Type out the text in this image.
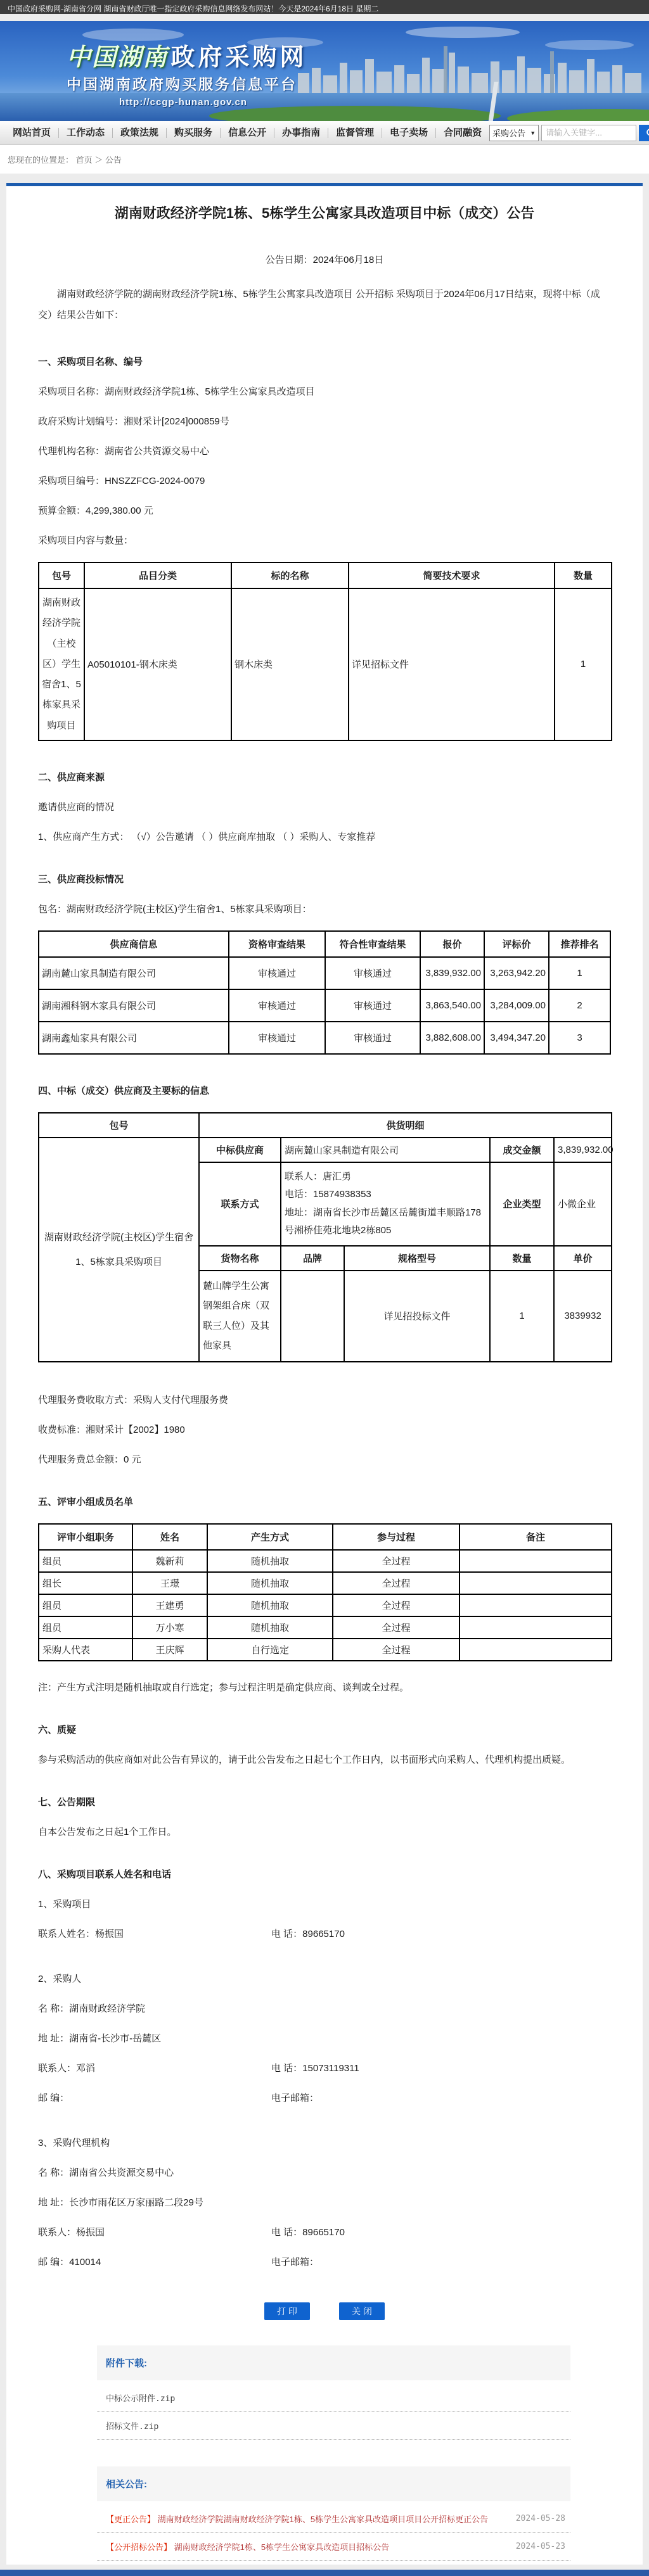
中国政府采购网-湖南省分网 湖南省财政厅唯一指定政府采购信息网络发布网站！今天是2024年6月18日 星期二
中国湖南 政府采购网
中国湖南政府购买服务信息平台
http://ccgp-hunan.gov.cn
网站首页	工作动态	政策法规	购买服务	信息公开	办事指南	监督管理	电子卖场	合同融资	采购公告 ▼
请输入关键字...
您现在的位置是： 首页 ＞ 公告
湖南财政经济学院1栋、5栋学生公寓家具改造项目中标（成交）公告

公告日期：2024年06月18日

湖南财政经济学院的湖南财政经济学院1栋、5栋学生公寓家具改造项目 公开招标 采购项目于2024年06月17日结束，现将中标（成交）结果公告如下：

一、采购项目名称、编号

采购项目名称：湖南财政经济学院1栋、5栋学生公寓家具改造项目

政府采购计划编号：湘财采计[2024]000859号

代理机构名称：湖南省公共资源交易中心

采购项目编号：HNSZZFCG-2024-0079

预算金额：4,299,380.00 元

采购项目内容与数量：

包号	品目分类	标的名称	简要技术要求	数量
湖南财政经济学院（主校区）学生宿舍1、5栋家具采购项目	A05010101-钢木床类	钢木床类	详见招标文件	1

二、供应商来源

邀请供应商的情况

1、供应商产生方式： （√）公告邀请 （ ）供应商库抽取 （ ）采购人、专家推荐

三、供应商投标情况

包名：湖南财政经济学院(主校区)学生宿舍1、5栋家具采购项目：

供应商信息	资格审查结果	符合性审查结果	报价	评标价	推荐排名
湖南麓山家具制造有限公司	审核通过	审核通过	3,839,932.00	3,263,942.20	1
湖南湘科钢木家具有限公司	审核通过	审核通过	3,863,540.00	3,284,009.00	2
湖南鑫灿家具有限公司	审核通过	审核通过	3,882,608.00	3,494,347.20	3

四、中标（成交）供应商及主要标的信息

包号	供货明细				
湖南财政经济学院(主校区)学生宿舍1、5栋家具采购项目	中标供应商	湖南麓山家具制造有限公司		成交金额	3,839,932.00
	联系方式	联系人：唐汇勇
电话：15874938353
地址：湖南省长沙市岳麓区岳麓街道丰顺路178号湘桥佳苑北地块2栋805		企业类型	小微企业
	货物名称	品牌	规格型号	数量	单价
	麓山牌学生公寓钢架组合床（双联三人位）及其他家具		详见招投标文件	1	3839932

代理服务费收取方式：采购人支付代理服务费

收费标准：湘财采计【2002】1980

代理服务费总金额：0 元

五、评审小组成员名单

评审小组职务	姓名	产生方式	参与过程	备注
组员	魏新莉	随机抽取	全过程	
组长	王璟	随机抽取	全过程	
组员	王建勇	随机抽取	全过程	
组员	万小寒	随机抽取	全过程	
采购人代表	王庆辉	自行选定	全过程	

注：产生方式注明是随机抽取或自行选定；参与过程注明是确定供应商、谈判或全过程。

六、质疑

参与采购活动的供应商如对此公告有异议的，请于此公告发布之日起七个工作日内，以书面形式向采购人、代理机构提出质疑。

七、公告期限

自本公告发布之日起1个工作日。

八、采购项目联系人姓名和电话

1、采购项目

联系人姓名：杨振国	电 话：89665170

2、采购人

名 称：湖南财政经济学院

地 址：湖南省-长沙市-岳麓区

联系人：邓滔	电 话：15073119311
邮 编：	电子邮箱：

3、采购代理机构

名 称：湖南省公共资源交易中心

地 址：长沙市雨花区万家丽路二段29号

联系人：杨振国	电 话：89665170
邮 编：410014	电子邮箱：
打 印	关 闭
附件下载:
中标公示附件.zip
招标文件.zip
相关公告:
【更正公告】 湖南财政经济学院湖南财政经济学院1栋、5栋学生公寓家具改造项目项目公开招标更正公告	2024-05-28
【公开招标公告】 湖南财政经济学院1栋、5栋学生公寓家具改造项目招标公告	2024-05-23
